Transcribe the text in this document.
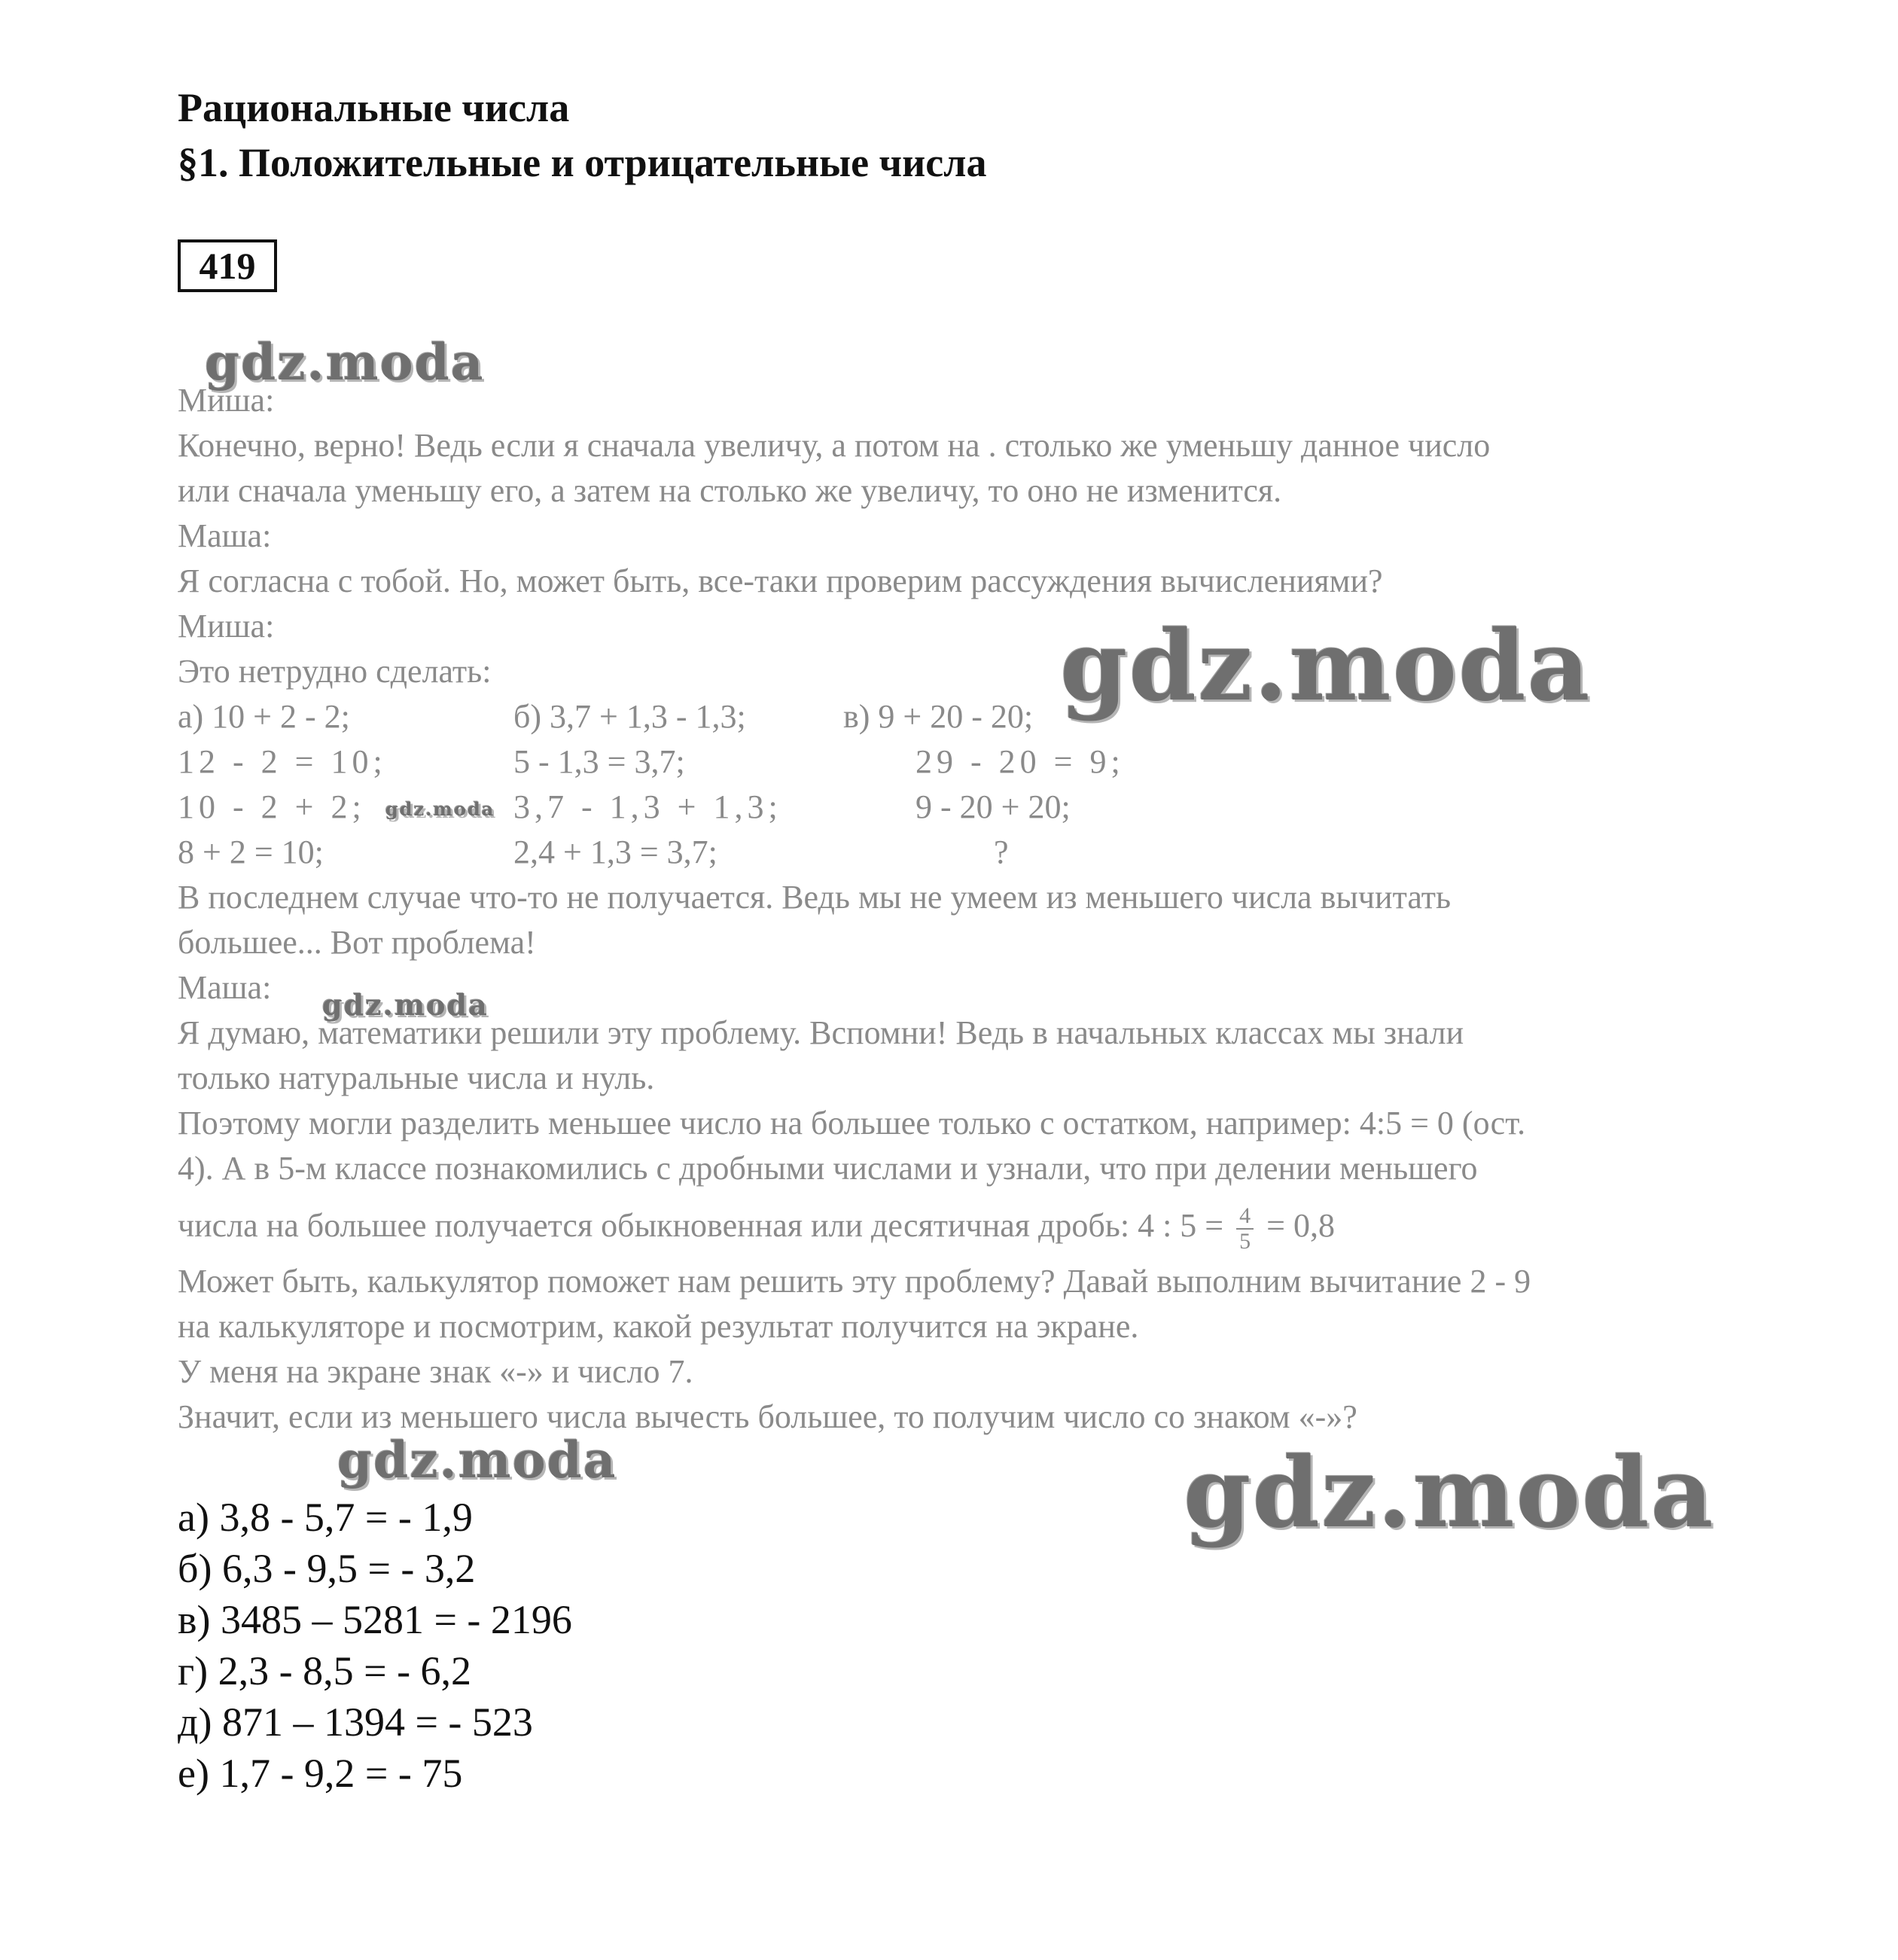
Рациональные числа
§1. Положительные и отрицательные числа
419
gdz.moda
gdz.moda
gdz.moda
gdz.moda
gdz.moda	gdz.moda
Миша:
Конечно, верно! Ведь если я сначала увеличу, а потом на . столько же уменьшу данное число
или сначала уменьшу его, а затем на столько же увеличу, то оно не изменится.
Маша:
Я согласна с тобой. Но, может быть, все-таки проверим рассуждения вычислениями?
Миша:
Это нетрудно сделать:
а) 10 + 2 - 2;
12 - 2 = 10;
10 - 2 + 2;
8 + 2 = 10;
б) 3,7 + 1,3 - 1,3;
5 - 1,3 = 3,7;
3,7 - 1,3 + 1,3;
2,4 + 1,3 = 3,7;
в) 9 + 20 - 20;
29 - 20 = 9;
9 - 20 + 20;
?
В последнем случае что-то не получается. Ведь мы не умеем из меньшего числа вычитать
большее... Вот проблема!
Маша:
Я думаю, математики решили эту проблему. Вспомни! Ведь в начальных классах мы знали
только натуральные числа и нуль.
Поэтому могли разделить меньшее число на большее только с остатком, например: 4:5 = 0 (ост.
4). А в 5-м классе познакомились с дробными числами и узнали, что при делении меньшего
числа на большее получается обыкновенная или десятичная дробь: 4 : $5 = \frac{4}{5} = 0,8$
Может быть, калькулятор поможет нам решить эту проблему? Давай выполним вычитание 2 - 9
на калькуляторе и посмотрим, какой результат получится на экране.
У меня на экране знак «-» и число 7.
Значит, если из меньшего числа вычесть большее, то получим число со знаком «-»?
а) 3,8 - 5,7 = - 1,9
б) 6,3 - 9,5 = - 3,2
в) 3485 – 5281 = - 2196
г) 2,3 - 8,5 = - 6,2
д) 871 – 1394 = - 523
е) 1,7 - 9,2 = - 75
